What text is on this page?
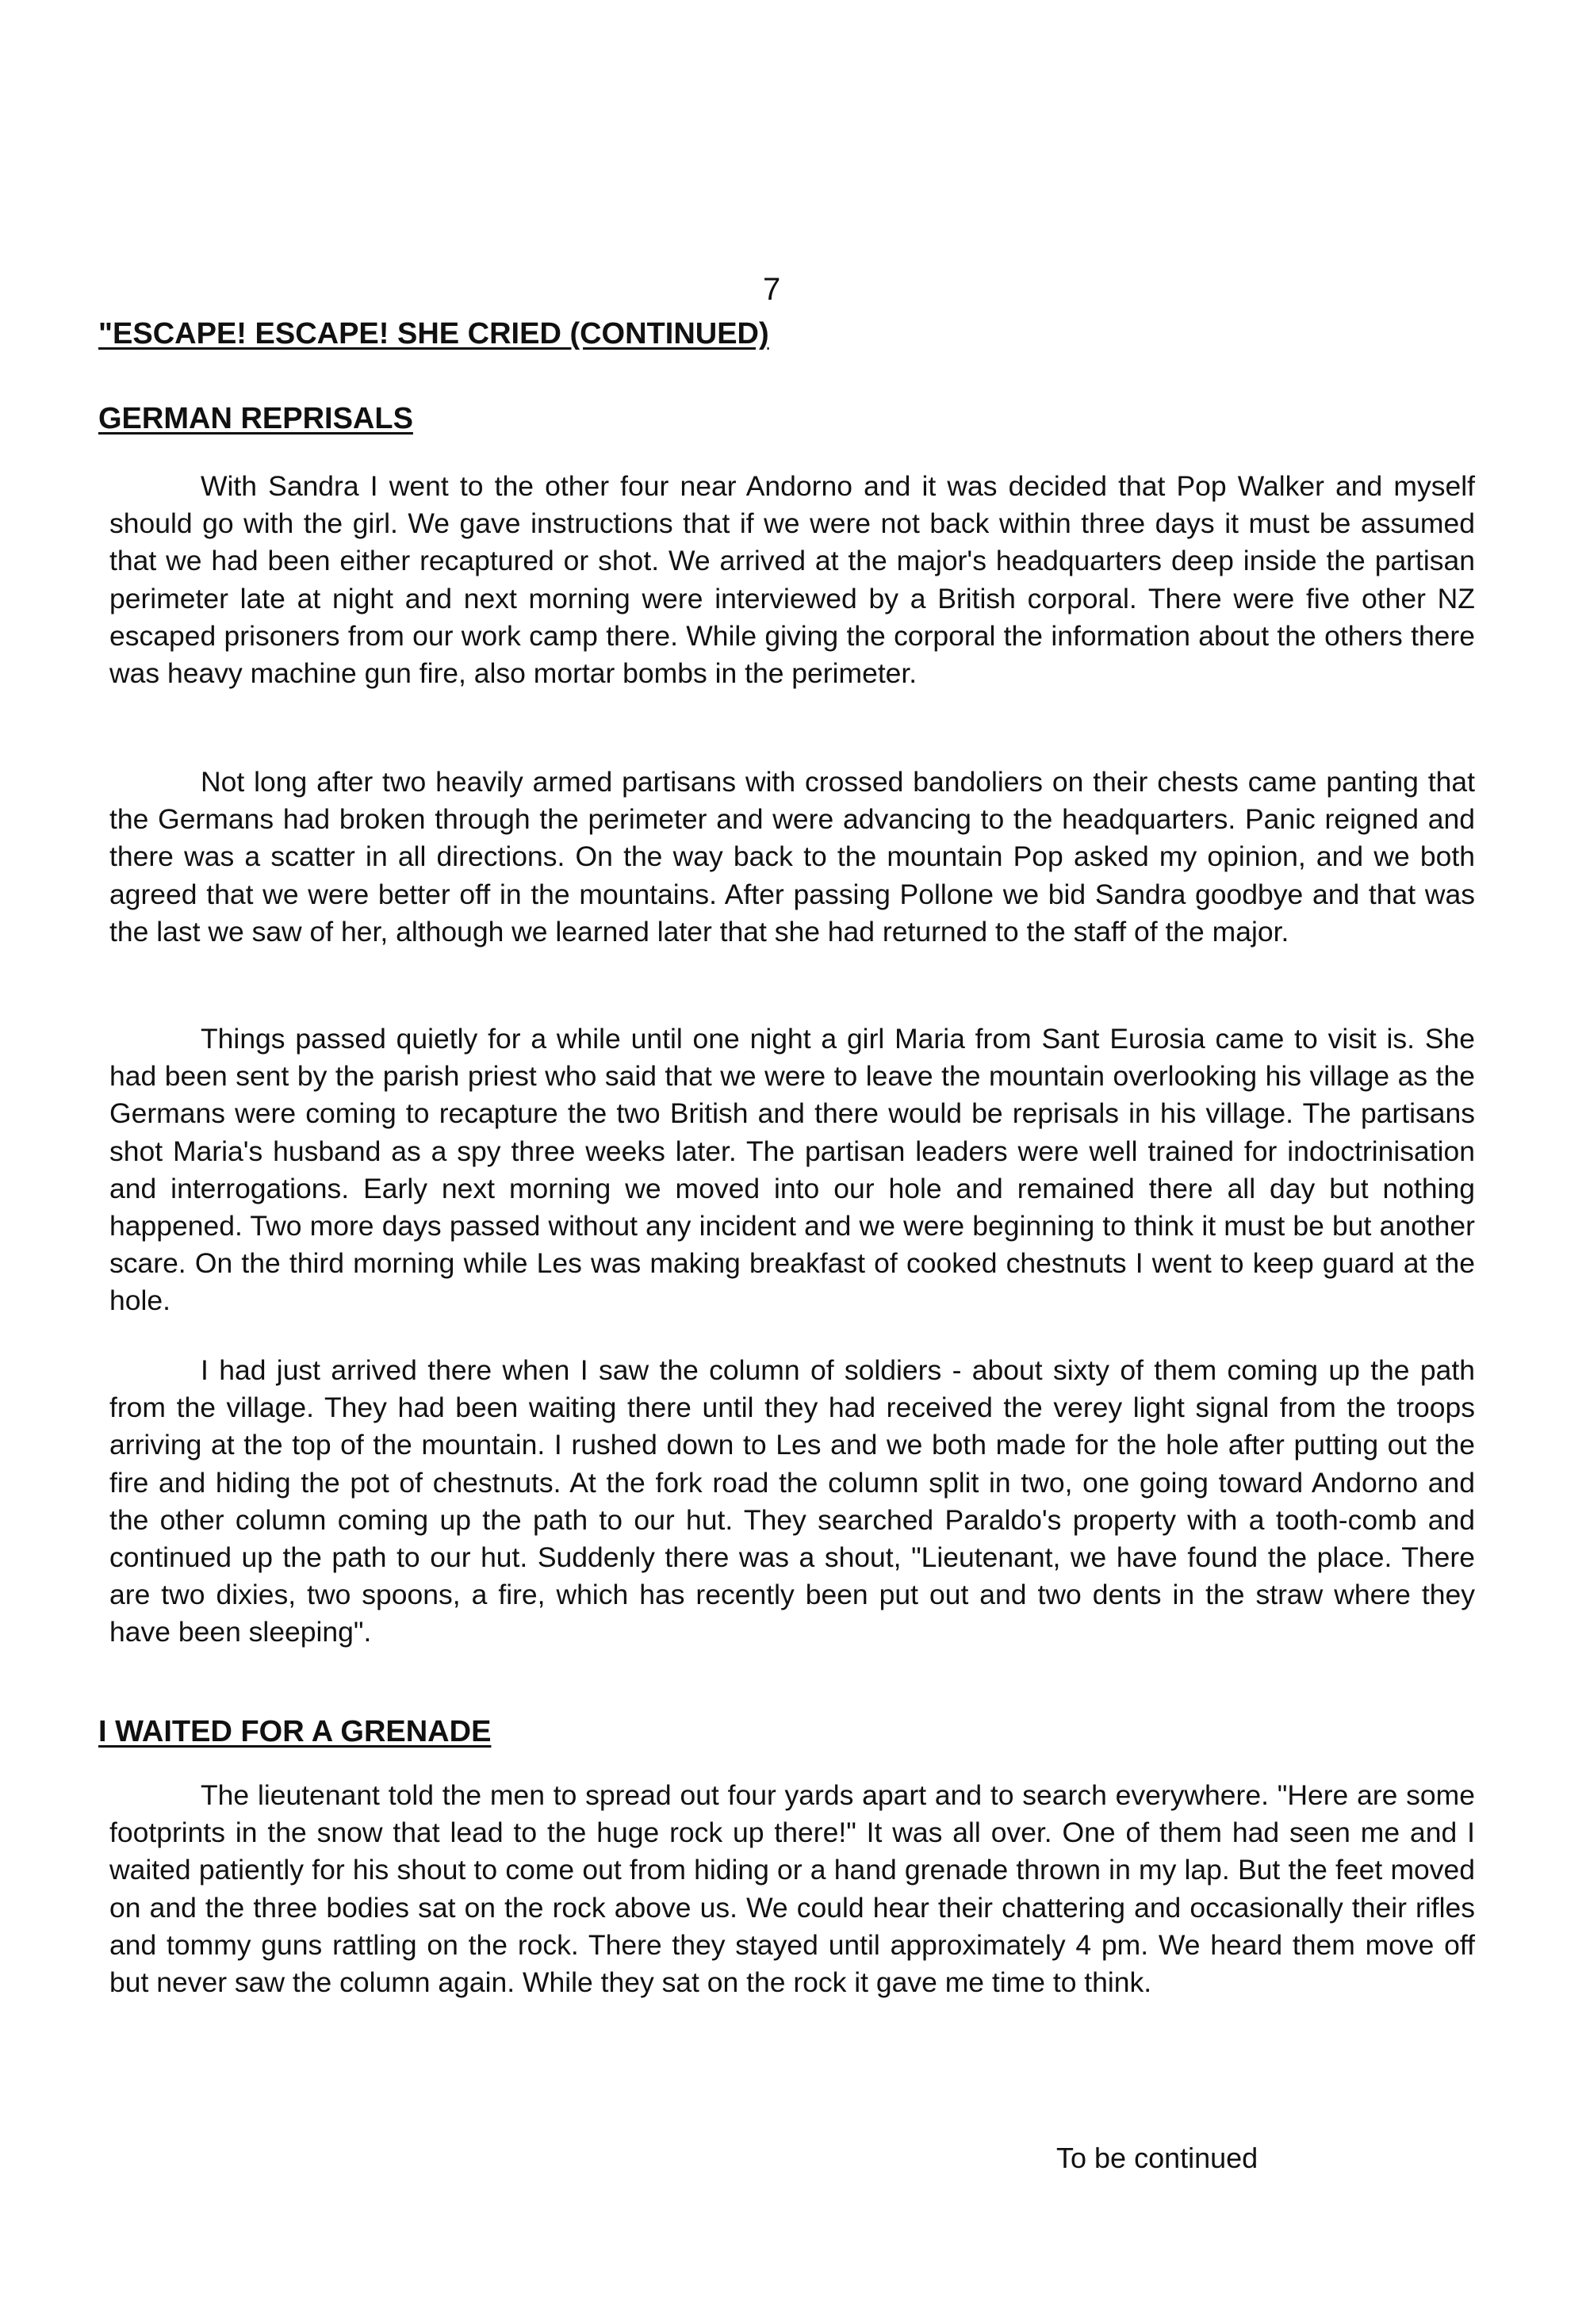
7

"ESCAPE! ESCAPE! SHE CRIED (CONTINUED)
GERMAN REPRISALS

With Sandra I went to the other four near Andorno and it was decided that Pop Walker and myself should go with the girl. We gave instructions that if we were not back within three days it must be assumed that we had been either recaptured or shot. We arrived at the major's headquarters deep inside the partisan perimeter late at night and next morning were interviewed by a British corporal. There were five other NZ escaped prisoners from our work camp there. While giving the corporal the information about the others there was heavy machine gun fire, also mortar bombs in the perimeter.

Not long after two heavily armed partisans with crossed bandoliers on their chests came panting that the Germans had broken through the perimeter and were advancing to the headquarters. Panic reigned and there was a scatter in all directions. On the way back to the mountain Pop asked my opinion, and we both agreed that we were better off in the mountains. After passing Pollone we bid Sandra goodbye and that was the last we saw of her, although we learned later that she had returned to the staff of the major.

Things passed quietly for a while until one night a girl Maria from Sant Eurosia came to visit is. She had been sent by the parish priest who said that we were to leave the mountain overlooking his village as the Germans were coming to recapture the two British and there would be reprisals in his village. The partisans shot Maria's husband as a spy three weeks later. The partisan leaders were well trained for indoctrinisation and interrogations. Early next morning we moved into our hole and remained there all day but nothing happened. Two more days passed without any incident and we were beginning to think it must be but another scare. On the third morning while Les was making breakfast of cooked chestnuts I went to keep guard at the hole.

I had just arrived there when I saw the column of soldiers - about sixty of them coming up the path from the village. They had been waiting there until they had received the verey light signal from the troops arriving at the top of the mountain. I rushed down to Les and we both made for the hole after putting out the fire and hiding the pot of chestnuts. At the fork road the column split in two, one going toward Andorno and the other column coming up the path to our hut. They searched Paraldo's property with a tooth-comb and continued up the path to our hut. Suddenly there was a shout, "Lieutenant, we have found the place. There are two dixies, two spoons, a fire, which has recently been put out and two dents in the straw where they have been sleeping".

I WAITED FOR A GRENADE

The lieutenant told the men to spread out four yards apart and to search everywhere. "Here are some footprints in the snow that lead to the huge rock up there!" It was all over. One of them had seen me and I waited patiently for his shout to come out from hiding or a hand grenade thrown in my lap. But the feet moved on and the three bodies sat on the rock above us. We could hear their chattering and occasionally their rifles and tommy guns rattling on the rock. There they stayed until approximately 4 pm. We heard them move off but never saw the column again. While they sat on the rock it gave me time to think.

To be continued
